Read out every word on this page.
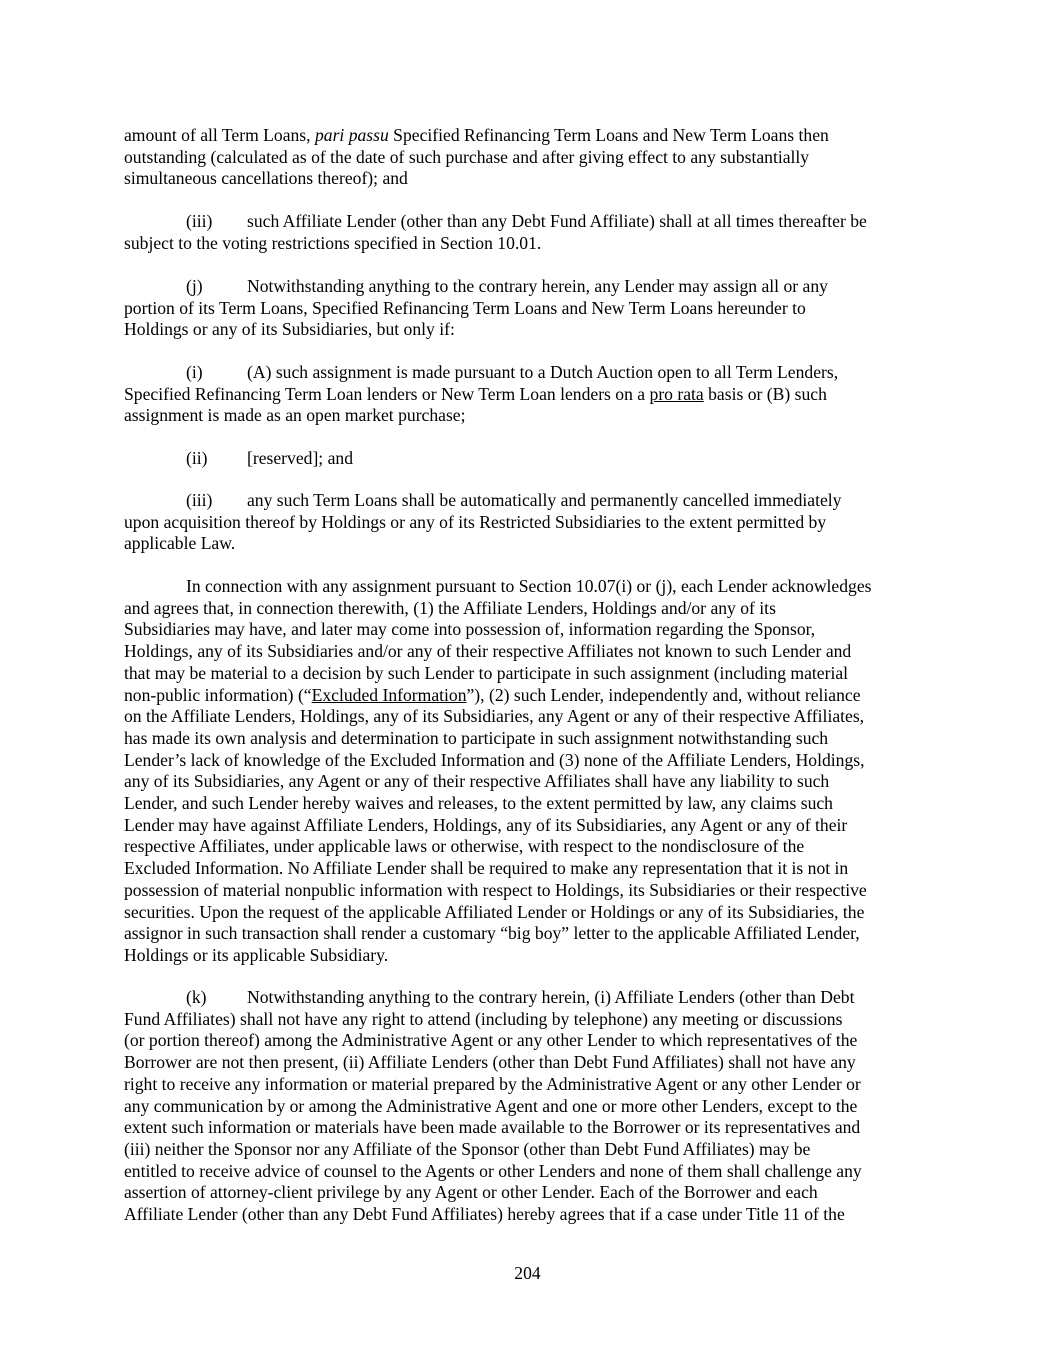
amount of all Term Loans, pari passu Specified Refinancing Term Loans and New Term Loans then
outstanding (calculated as of the date of such purchase and after giving effect to any substantially
simultaneous cancellations thereof); and
(iii) such Affiliate Lender (other than any Debt Fund Affiliate) shall at all times thereafter be
subject to the voting restrictions specified in Section 10.01.
(j)	Notwithstanding anything to the contrary herein, any Lender may assign all or any
portion of its Term Loans, Specified Refinancing Term Loans and New Term Loans hereunder to
Holdings or any of its Subsidiaries, but only if:
(i)	(A) such assignment is made pursuant to a Dutch Auction open to all Term Lenders,
Specified Refinancing Term Loan lenders or New Term Loan lenders on a pro rata basis or (B) such
assignment is made as an open market purchase;
(ii) [reserved]; and
(iii) any such Term Loans shall be automatically and permanently cancelled immediately
upon acquisition thereof by Holdings or any of its Restricted Subsidiaries to the extent permitted by
applicable Law.
In connection with any assignment pursuant to Section 10.07(i) or (j), each Lender acknowledges
and agrees that, in connection therewith, (1) the Affiliate Lenders, Holdings and/or any of its
Subsidiaries may have, and later may come into possession of, information regarding the Sponsor,
Holdings, any of its Subsidiaries and/or any of their respective Affiliates not known to such Lender and
that may be material to a decision by such Lender to participate in such assignment (including material
non-public information) (“Excluded Information”), (2) such Lender, independently and, without reliance
on the Affiliate Lenders, Holdings, any of its Subsidiaries, any Agent or any of their respective Affiliates,
has made its own analysis and determination to participate in such assignment notwithstanding such
Lender’s lack of knowledge of the Excluded Information and (3) none of the Affiliate Lenders, Holdings,
any of its Subsidiaries, any Agent or any of their respective Affiliates shall have any liability to such
Lender, and such Lender hereby waives and releases, to the extent permitted by law, any claims such
Lender may have against Affiliate Lenders, Holdings, any of its Subsidiaries, any Agent or any of their
respective Affiliates, under applicable laws or otherwise, with respect to the nondisclosure of the
Excluded Information. No Affiliate Lender shall be required to make any representation that it is not in
possession of material nonpublic information with respect to Holdings, its Subsidiaries or their respective
securities. Upon the request of the applicable Affiliated Lender or Holdings or any of its Subsidiaries, the
assignor in such transaction shall render a customary “big boy” letter to the applicable Affiliated Lender,
Holdings or its applicable Subsidiary.
(k) Notwithstanding anything to the contrary herein, (i) Affiliate Lenders (other than Debt
Fund Affiliates) shall not have any right to attend (including by telephone) any meeting or discussions
(or portion thereof) among the Administrative Agent or any other Lender to which representatives of the
Borrower are not then present, (ii) Affiliate Lenders (other than Debt Fund Affiliates) shall not have any
right to receive any information or material prepared by the Administrative Agent or any other Lender or
any communication by or among the Administrative Agent and one or more other Lenders, except to the
extent such information or materials have been made available to the Borrower or its representatives and
(iii) neither the Sponsor nor any Affiliate of the Sponsor (other than Debt Fund Affiliates) may be
entitled to receive advice of counsel to the Agents or other Lenders and none of them shall challenge any
assertion of attorney-client privilege by any Agent or other Lender. Each of the Borrower and each
Affiliate Lender (other than any Debt Fund Affiliates) hereby agrees that if a case under Title 11 of the
204
